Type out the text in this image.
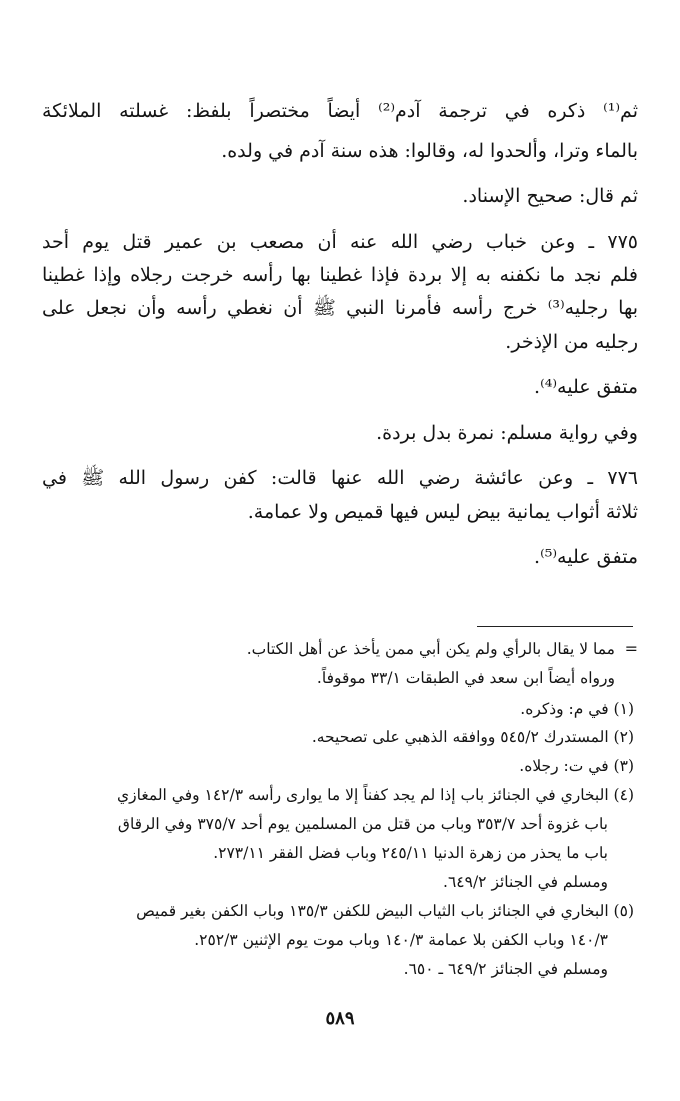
ثم⁽¹⁾ ذكره في ترجمة آدم⁽²⁾ أيضاً مختصراً بلفظ: غسلته الملائكة
بالماء وترا، وألحدوا له، وقالوا: هذه سنة آدم في ولده.
ثم قال: صحيح الإسناد.
٧٧٥ ـ وعن خباب رضي الله عنه أن مصعب بن عمير قتل يوم أحد
فلم نجد ما نكفنه به إلا بردة فإذا غطينا بها رأسه خرجت رجلاه وإذا غطينا
بها رجليه⁽³⁾ خرج رأسه فأمرنا النبي ﷺ أن نغطي رأسه وأن نجعل على
رجليه من الإذخر.
متفق عليه⁽⁴⁾.
وفي رواية مسلم: نمرة بدل بردة.
٧٧٦ ـ وعن عائشة رضي الله عنها قالت: كفن رسول الله ﷺ في
ثلاثة أثواب يمانية بيض ليس فيها قميص ولا عمامة.
متفق عليه⁽⁵⁾.
=
مما لا يقال بالرأي ولم يكن أبي ممن يأخذ عن أهل الكتاب.
ورواه أيضاً ابن سعد في الطبقات ٣٣/١ موقوفاً.
(١) في م: وذكره.
(٢) المستدرك ٥٤٥/٢ ووافقه الذهبي على تصحيحه.
(٣) في ت: رجلاه.
(٤) البخاري في الجنائز باب إذا لم يجد كفناً إلا ما يوارى رأسه ١٤٢/٣ وفي المغازي
باب غزوة أحد ٣٥٣/٧ وباب من قتل من المسلمين يوم أحد ٣٧٥/٧ وفي الرقاق
باب ما يحذر من زهرة الدنيا ٢٤٥/١١ وباب فضل الفقر ٢٧٣/١١.
ومسلم في الجنائز ٦٤٩/٢.
(٥) البخاري في الجنائز باب الثياب البيض للكفن ١٣٥/٣ وباب الكفن بغير قميص
١٤٠/٣ وباب الكفن بلا عمامة ١٤٠/٣ وباب موت يوم الإثنين ٢٥٢/٣.
ومسلم في الجنائز ٦٤٩/٢ ـ ٦٥٠.
٥٨٩
